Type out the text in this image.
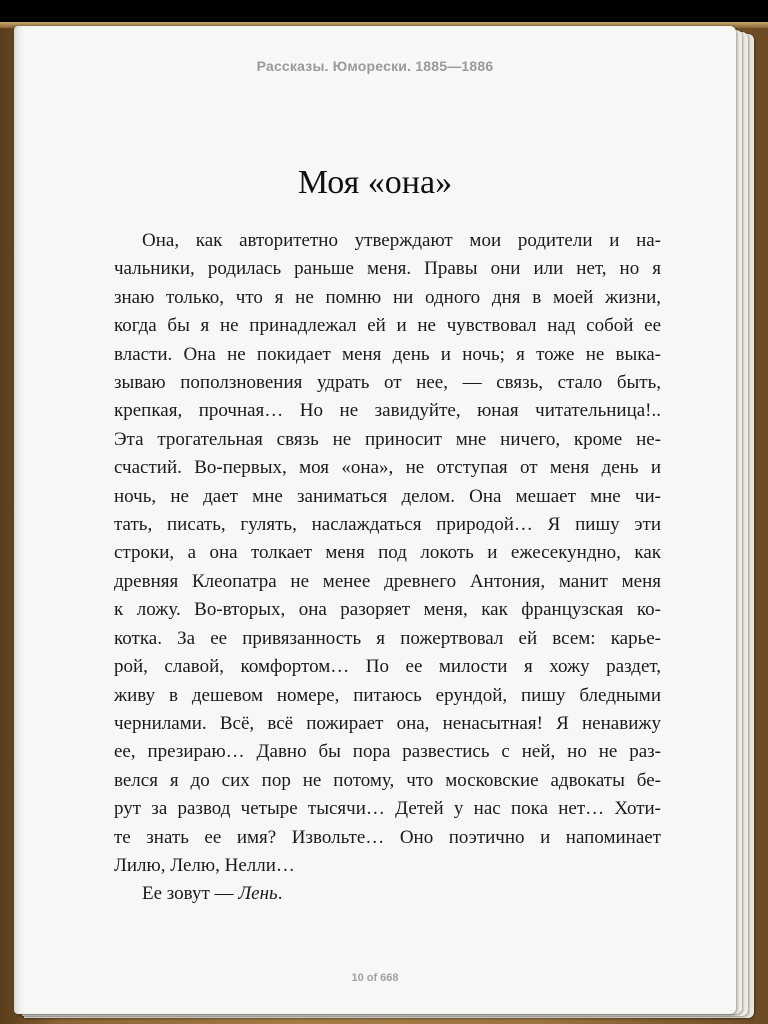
Рассказы. Юморески. 1885—1886
Моя «она»
Она, как авторитетно утверждают мои родители и на-
чальники, родилась раньше меня. Правы они или нет, но я
знаю только, что я не помню ни одного дня в моей жизни,
когда бы я не принадлежал ей и не чувствовал над собой ее
власти. Она не покидает меня день и ночь; я тоже не выка-
зываю поползновения удрать от нее, — связь, стало быть,
крепкая, прочная… Но не завидуйте, юная читательница!..
Эта трогательная связь не приносит мне ничего, кроме не-
счастий. Во-первых, моя «она», не отступая от меня день и
ночь, не дает мне заниматься делом. Она мешает мне чи-
тать, писать, гулять, наслаждаться природой… Я пишу эти
строки, а она толкает меня под локоть и ежесекундно, как
древняя Клеопатра не менее древнего Антония, манит меня
к ложу. Во-вторых, она разоряет меня, как французская ко-
котка. За ее привязанность я пожертвовал ей всем: карье-
рой, славой, комфортом… По ее милости я хожу раздет,
живу в дешевом номере, питаюсь ерундой, пишу бледными
чернилами. Всё, всё пожирает она, ненасытная! Я ненавижу
ее, презираю… Давно бы пора развестись с ней, но не раз-
велся я до сих пор не потому, что московские адвокаты бе-
рут за развод четыре тысячи… Детей у нас пока нет… Хоти-
те знать ее имя? Извольте… Оно поэтично и напоминает
Лилю, Лелю, Нелли…
Ее зовут — Лень.
10 of 668
